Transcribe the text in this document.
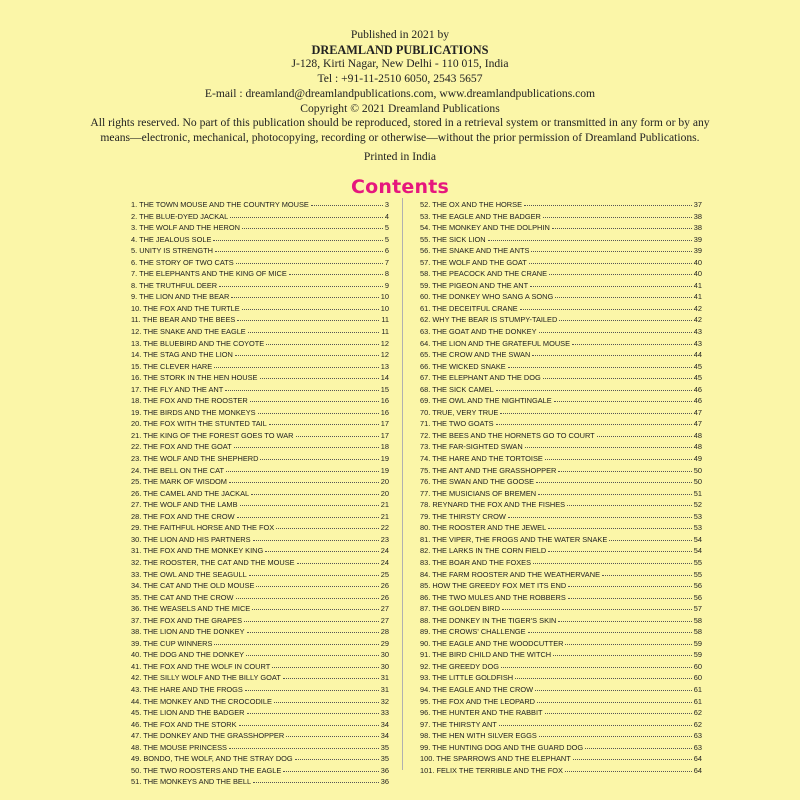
Published in 2021 by
DREAMLAND PUBLICATIONS
J-128, Kirti Nagar, New Delhi - 110 015, India
Tel : +91-11-2510 6050, 2543 5657
E-mail : dreamland@dreamlandpublications.com, www.dreamlandpublications.com
Copyright © 2021 Dreamland Publications
All rights reserved. No part of this publication should be reproduced, stored in a retrieval system or transmitted in any form or by any means—electronic, mechanical, photocopying, recording or otherwise—without the prior permission of Dreamland Publications.
Printed in India
Contents
1. THE TOWN MOUSE AND THE COUNTRY MOUSE	3
2. THE BLUE-DYED JACKAL	4
3. THE WOLF AND THE HERON	5
4. THE JEALOUS SOLE	5
5. UNITY IS STRENGTH	6
6. THE STORY OF TWO CATS	7
7. THE ELEPHANTS AND THE KING OF MICE	8
8. THE TRUTHFUL DEER	9
9. THE LION AND THE BEAR	10
10. THE FOX AND THE TURTLE	10
11. THE BEAR AND THE BEES	11
12. THE SNAKE AND THE EAGLE	11
13. THE BLUEBIRD AND THE COYOTE	12
14. THE STAG AND THE LION	12
15. THE CLEVER HARE	13
16. THE STORK IN THE HEN HOUSE	14
17. THE FLY AND THE ANT	15
18. THE FOX AND THE ROOSTER	16
19. THE BIRDS AND THE MONKEYS	16
20. THE FOX WITH THE STUNTED TAIL	17
21. THE KING OF THE FOREST GOES TO WAR	17
22. THE FOX AND THE GOAT	18
23. THE WOLF AND THE SHEPHERD	19
24. THE BELL ON THE CAT	19
25. THE MARK OF WISDOM	20
26. THE CAMEL AND THE JACKAL	20
27. THE WOLF AND THE LAMB	21
28. THE FOX AND THE CROW	21
29. THE FAITHFUL HORSE AND THE FOX	22
30. THE LION AND HIS PARTNERS	23
31. THE FOX AND THE MONKEY KING	24
32. THE ROOSTER, THE CAT AND THE MOUSE	24
33. THE OWL AND THE SEAGULL	25
34. THE CAT AND THE OLD MOUSE	26
35. THE CAT AND THE CROW	26
36. THE WEASELS AND THE MICE	27
37. THE FOX AND THE GRAPES	27
38. THE LION AND THE DONKEY	28
39. THE CUP WINNERS	29
40. THE DOG AND THE DONKEY	30
41. THE FOX AND THE WOLF IN COURT	30
42. THE SILLY WOLF AND THE BILLY GOAT	31
43. THE HARE AND THE FROGS	31
44. THE MONKEY AND THE CROCODILE	32
45. THE LION AND THE BADGER	33
46. THE FOX AND THE STORK	34
47. THE DONKEY AND THE GRASSHOPPER	34
48. THE MOUSE PRINCESS	35
49. BONDO, THE WOLF, AND THE STRAY DOG	35
50. THE TWO ROOSTERS AND THE EAGLE	36
51. THE MONKEYS AND THE BELL	36
52. THE OX AND THE HORSE	37
53. THE EAGLE AND THE BADGER	38
54. THE MONKEY AND THE DOLPHIN	38
55. THE SICK LION	39
56. THE SNAKE AND THE ANTS	39
57. THE WOLF AND THE GOAT	40
58. THE PEACOCK AND THE CRANE	40
59. THE PIGEON AND THE ANT	41
60. THE DONKEY WHO SANG A SONG	41
61. THE DECEITFUL CRANE	42
62. WHY THE BEAR IS STUMPY-TAILED	42
63. THE GOAT AND THE DONKEY	43
64. THE LION AND THE GRATEFUL MOUSE	43
65. THE CROW AND THE SWAN	44
66. THE WICKED SNAKE	45
67. THE ELEPHANT AND THE DOG	45
68. THE SICK CAMEL	46
69. THE OWL AND THE NIGHTINGALE	46
70. TRUE, VERY TRUE	47
71. THE TWO GOATS	47
72. THE BEES AND THE HORNETS GO TO COURT	48
73. THE FAR-SIGHTED SWAN	48
74. THE HARE AND THE TORTOISE	49
75. THE ANT AND THE GRASSHOPPER	50
76. THE SWAN AND THE GOOSE	50
77. THE MUSICIANS OF BREMEN	51
78. REYNARD THE FOX AND THE FISHES	52
79. THE THIRSTY CROW	53
80. THE ROOSTER AND THE JEWEL	53
81. THE VIPER, THE FROGS AND THE WATER SNAKE	54
82. THE LARKS IN THE CORN FIELD	54
83. THE BOAR AND THE FOXES	55
84. THE FARM ROOSTER AND THE WEATHERVANE	55
85. HOW THE GREEDY FOX MET ITS END	56
86. THE TWO MULES AND THE ROBBERS	56
87. THE GOLDEN BIRD	57
88. THE DONKEY IN THE TIGER'S SKIN	58
89. THE CROWS' CHALLENGE	58
90. THE EAGLE AND THE WOODCUTTER	59
91. THE BIRD CHILD AND THE WITCH	59
92. THE GREEDY DOG	60
93. THE LITTLE GOLDFISH	60
94. THE EAGLE AND THE CROW	61
95. THE FOX AND THE LEOPARD	61
96. THE HUNTER AND THE RABBIT	62
97. THE THIRSTY ANT	62
98. THE HEN WITH SILVER EGGS	63
99. THE HUNTING DOG AND THE GUARD DOG	63
100. THE SPARROWS AND THE ELEPHANT	64
101. FELIX THE TERRIBLE AND THE FOX	64
